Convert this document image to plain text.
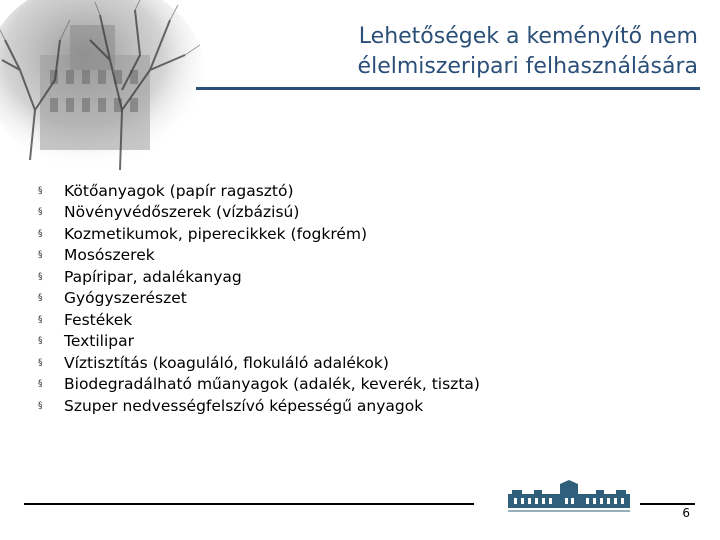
Lehetőségek a keményítő nem élelmiszeripari felhasználására
§	Kötőanyagok (papír ragasztó)
§	Növényvédőszerek (vízbázisú)
§	Kozmetikumok, piperecikkek (fogkrém)
§	Mosószerek
§	Papíripar, adalékanyag
§	Gyógyszerészet
§	Festékek
§	Textilipar
§	Víztisztítás (koaguláló, flokuláló adalékok)
§	Biodegradálható műanyagok (adalék, keverék, tiszta)
§	Szuper nedvességfelszívó képességű anyagok
6
